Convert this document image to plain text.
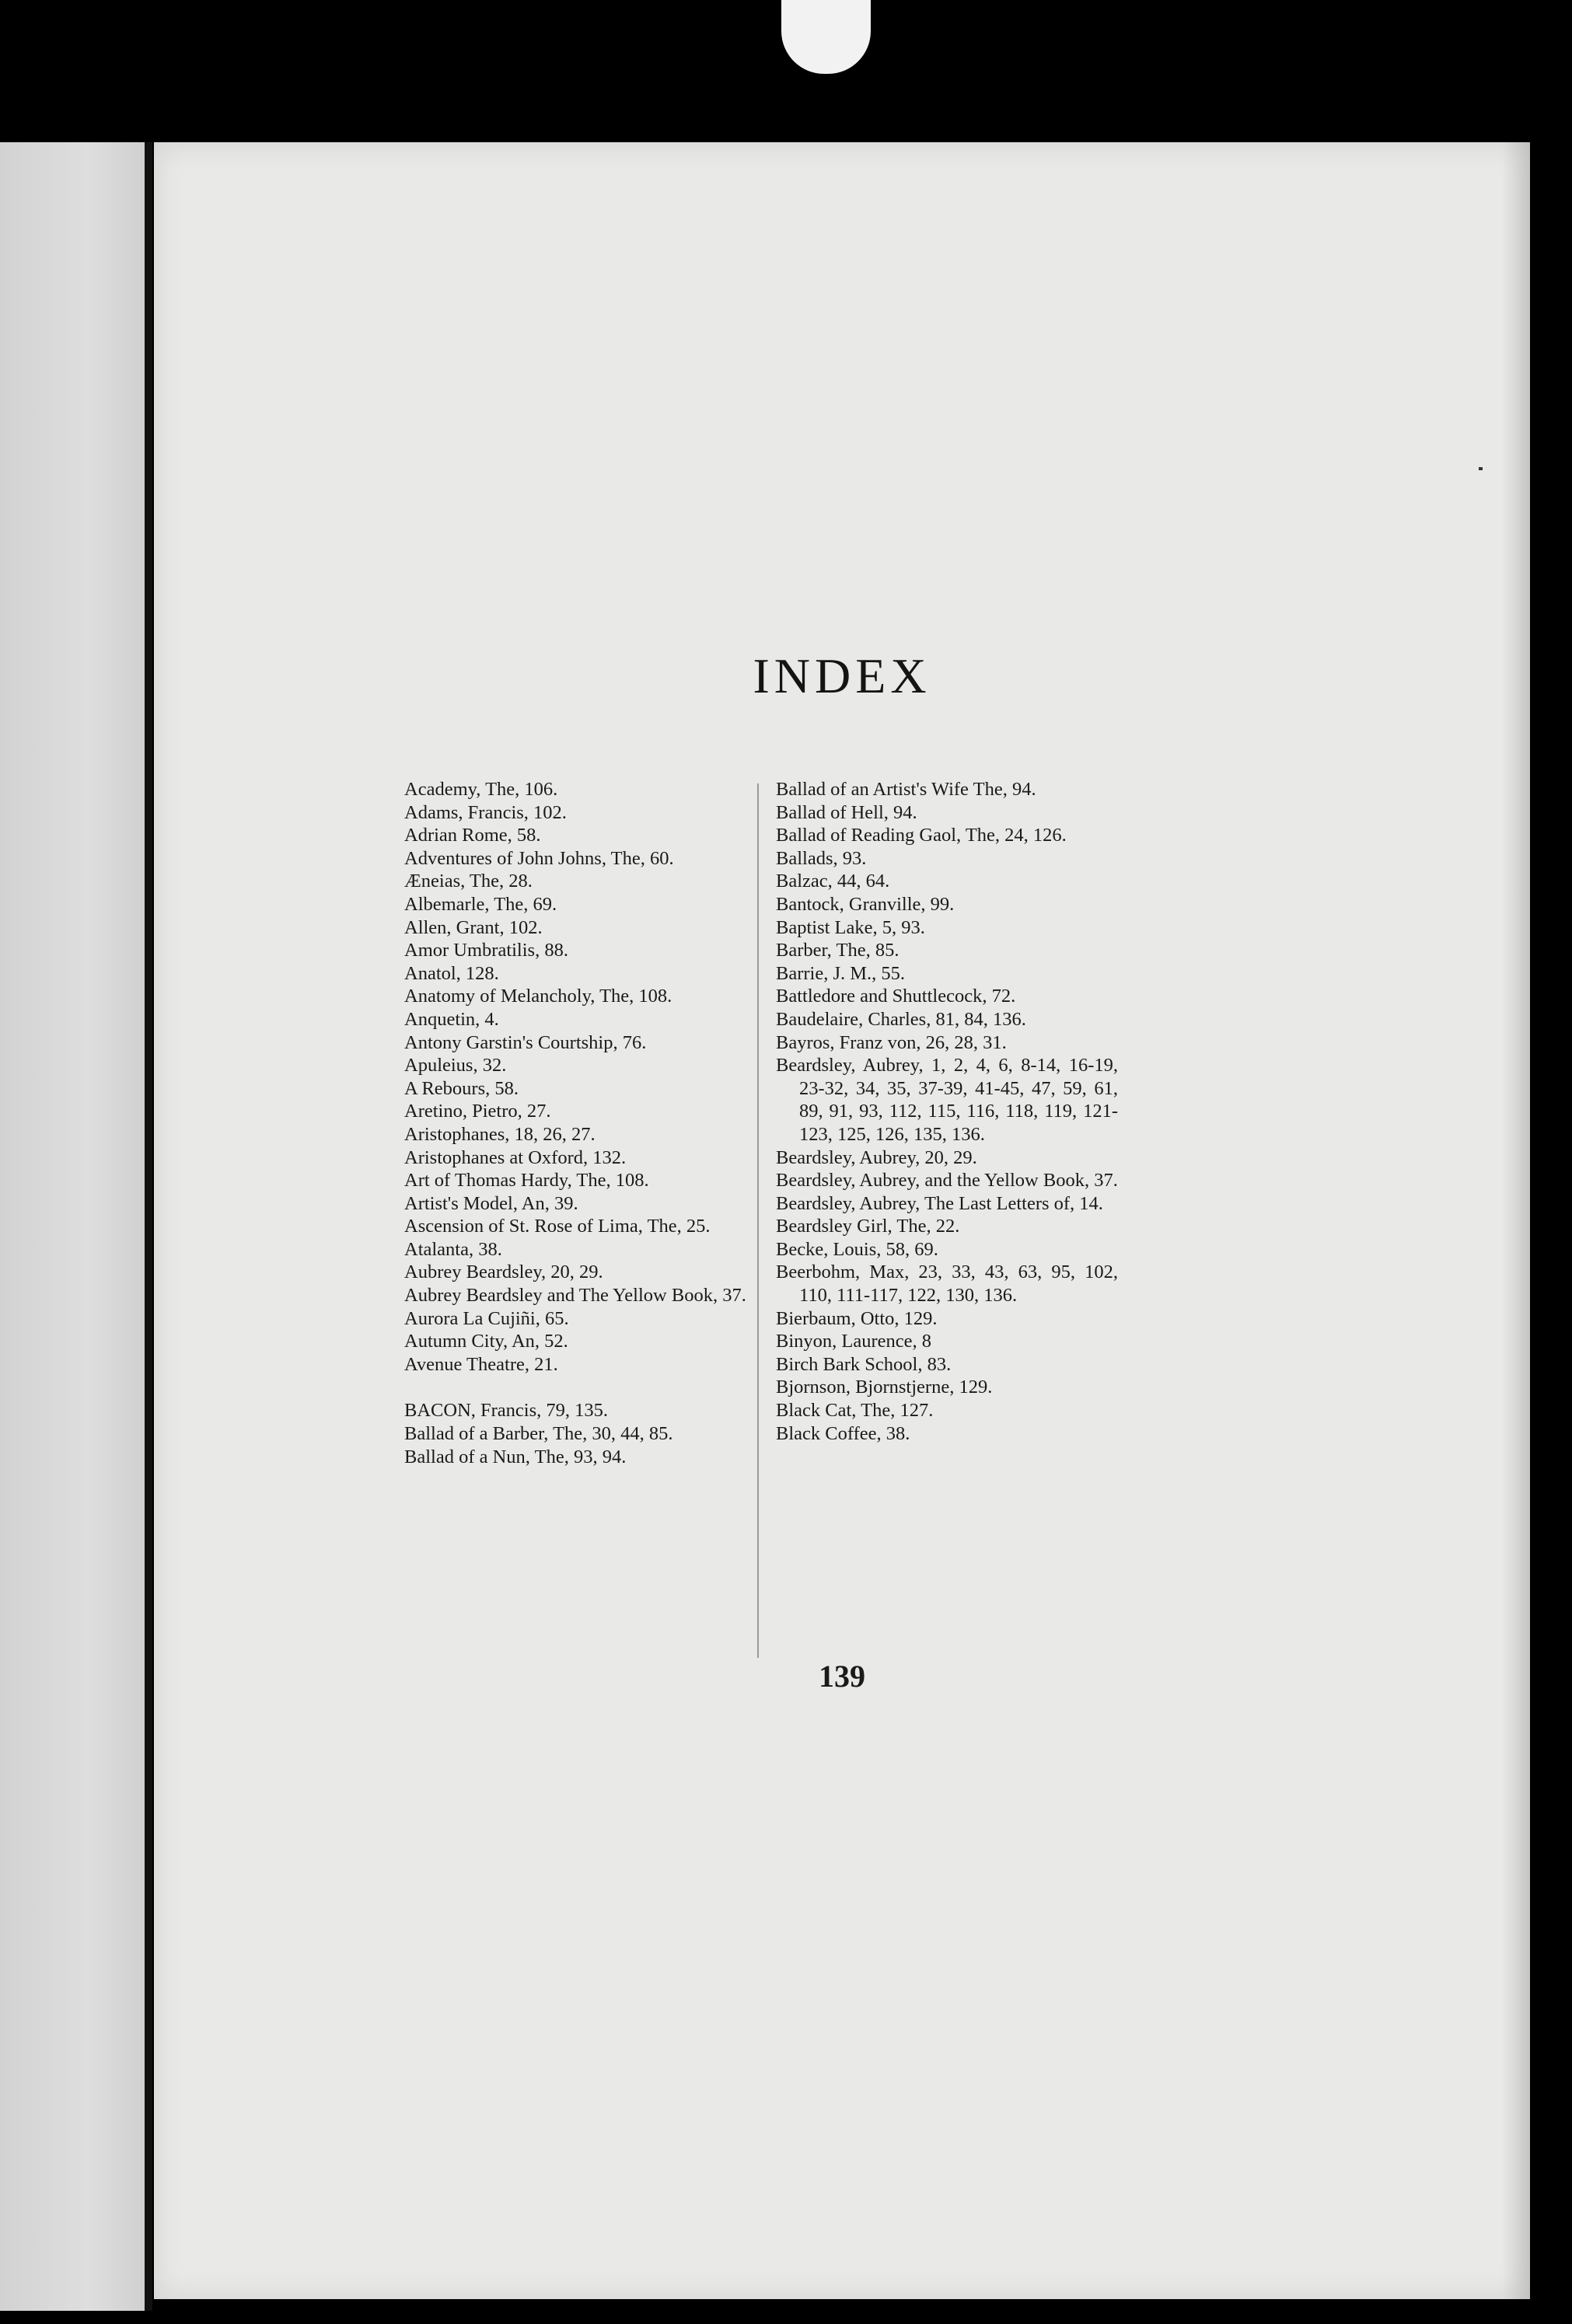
INDEX

Academy, The, 106.

Adams, Francis, 102.

Adrian Rome, 58.

Adventures of John Johns, The, 60.

Æneias, The, 28.

Albemarle, The, 69.

Allen, Grant, 102.

Amor Umbratilis, 88.

Anatol, 128.

Anatomy of Melancholy, The, 108.

Anquetin, 4.

Antony Garstin's Courtship, 76.

Apuleius, 32.

A Rebours, 58.

Aretino, Pietro, 27.

Aristophanes, 18, 26, 27.

Aristophanes at Oxford, 132.

Art of Thomas Hardy, The, 108.

Artist's Model, An, 39.

Ascension of St. Rose of Lima, The, 25.

Atalanta, 38.

Aubrey Beardsley, 20, 29.

Aubrey Beardsley and The Yellow Book, 37.

Aurora La Cujiñi, 65.

Autumn City, An, 52.

Avenue Theatre, 21.

BACON, Francis, 79, 135.

Ballad of a Barber, The, 30, 44, 85.

Ballad of a Nun, The, 93, 94.

Ballad of an Artist's Wife The, 94.

Ballad of Hell, 94.

Ballad of Reading Gaol, The, 24, 126.

Ballads, 93.

Balzac, 44, 64.

Bantock, Granville, 99.

Baptist Lake, 5, 93.

Barber, The, 85.

Barrie, J. M., 55.

Battledore and Shuttlecock, 72.

Baudelaire, Charles, 81, 84, 136.

Bayros, Franz von, 26, 28, 31.

Beardsley, Aubrey, 1, 2, 4, 6, 8-14, 16-19, 23-32, 34, 35, 37-39, 41-45, 47, 59, 61, 89, 91, 93, 112, 115, 116, 118, 119, 121-123, 125, 126, 135, 136.

Beardsley, Aubrey, 20, 29.

Beardsley, Aubrey, and the Yellow Book, 37.

Beardsley, Aubrey, The Last Letters of, 14.

Beardsley Girl, The, 22.

Becke, Louis, 58, 69.

Beerbohm, Max, 23, 33, 43, 63, 95, 102, 110, 111-117, 122, 130, 136.

Bierbaum, Otto, 129.

Binyon, Laurence, 8

Birch Bark School, 83.

Bjornson, Bjornstjerne, 129.

Black Cat, The, 127.

Black Coffee, 38.

139
